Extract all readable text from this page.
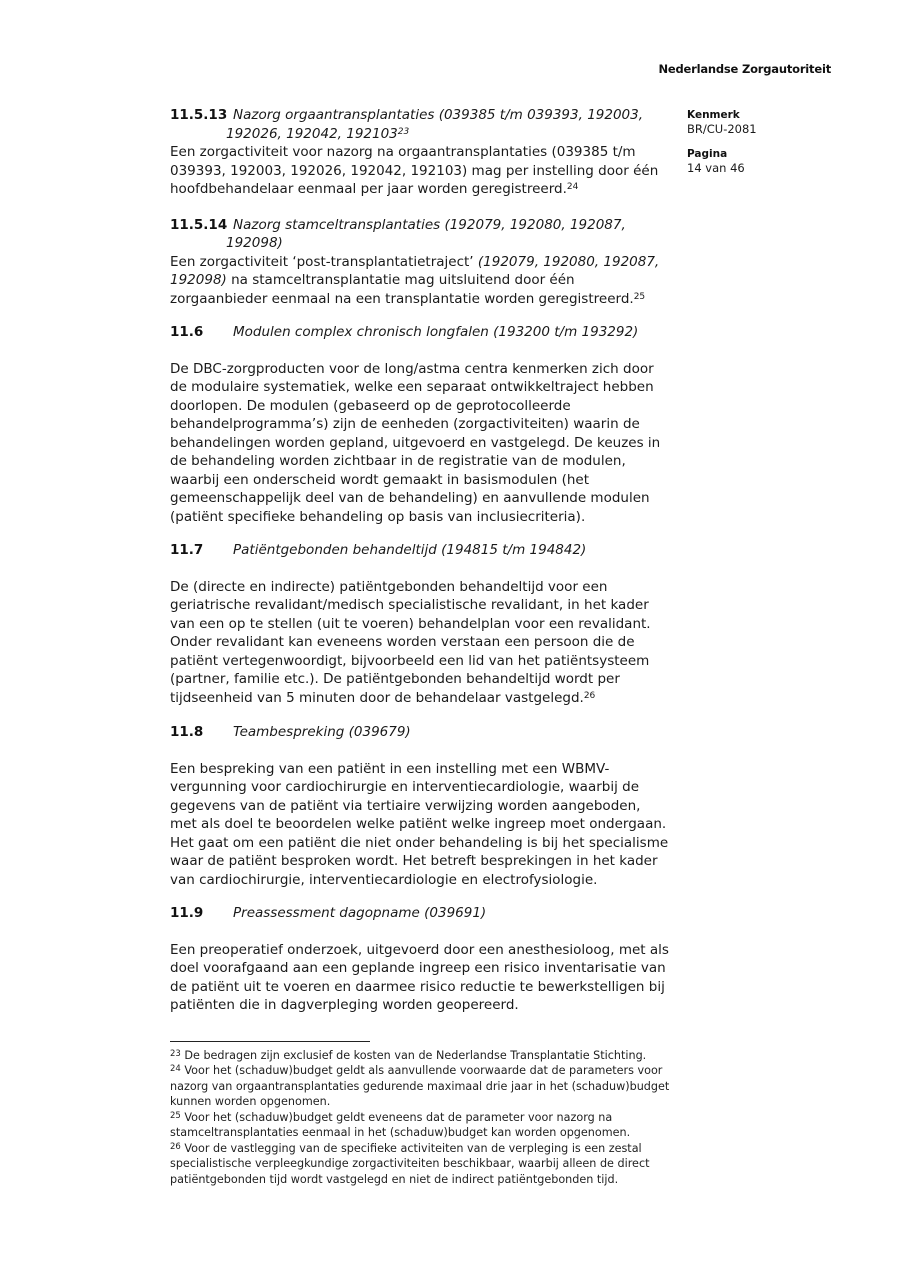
Nederlandse Zorgautoriteit
Kenmerk
BR/CU-2081
Pagina
14 van 46
11.5.13 Nazorg orgaantransplantaties (039385 t/m 039393, 192003,
192026, 192042, 192103$^{23}$

Een zorgactiviteit voor nazorg na orgaantransplantaties (039385 t/m 039393, 192003, 192026, 192042, 192103) mag per instelling door één hoofdbehandelaar eenmaal per jaar worden geregistreerd.$^{24}$

11.5.14 Nazorg stamceltransplantaties (192079, 192080, 192087,
192098)

Een zorgactiviteit ‘post-transplantatietraject’ (192079, 192080, 192087, 192098) na stamceltransplantatie mag uitsluitend door één zorgaanbieder eenmaal na een transplantatie worden geregistreerd.$^{25}$

11.6 Modulen complex chronisch longfalen (193200 t/m 193292)

De DBC-zorgproducten voor de long/astma centra kenmerken zich door de modulaire systematiek, welke een separaat ontwikkeltraject hebben doorlopen. De modulen (gebaseerd op de geprotocolleerde behandelprogramma’s) zijn de eenheden (zorgactiviteiten) waarin de behandelingen worden gepland, uitgevoerd en vastgelegd. De keuzes in de behandeling worden zichtbaar in de registratie van de modulen, waarbij een onderscheid wordt gemaakt in basismodulen (het gemeenschappelijk deel van de behandeling) en aanvullende modulen (patiënt specifieke behandeling op basis van inclusiecriteria).

11.7 Patiëntgebonden behandeltijd (194815 t/m 194842)

De (directe en indirecte) patiëntgebonden behandeltijd voor een geriatrische revalidant/medisch specialistische revalidant, in het kader van een op te stellen (uit te voeren) behandelplan voor een revalidant. Onder revalidant kan eveneens worden verstaan een persoon die de patiënt vertegenwoordigt, bijvoorbeeld een lid van het patiëntsysteem (partner, familie etc.). De patiëntgebonden behandeltijd wordt per tijdseenheid van 5 minuten door de behandelaar vastgelegd.$^{26}$

11.8 Teambespreking (039679)

Een bespreking van een patiënt in een instelling met een WBMV-vergunning voor cardiochirurgie en interventiecardiologie, waarbij de gegevens van de patiënt via tertiaire verwijzing worden aangeboden, met als doel te beoordelen welke patiënt welke ingreep moet ondergaan. Het gaat om een patiënt die niet onder behandeling is bij het specialisme waar de patiënt besproken wordt. Het betreft besprekingen in het kader van cardiochirurgie, interventiecardiologie en electrofysiologie.

11.9 Preassessment dagopname (039691)

Een preoperatief onderzoek, uitgevoerd door een anesthesioloog, met als doel voorafgaand aan een geplande ingreep een risico inventarisatie van de patiënt uit te voeren en daarmee risico reductie te bewerkstelligen bij patiënten die in dagverpleging worden geopereerd.

$^{23}$ De bedragen zijn exclusief de kosten van de Nederlandse Transplantatie Stichting.
$^{24}$ Voor het (schaduw)budget geldt als aanvullende voorwaarde dat de parameters voor nazorg van orgaantransplantaties gedurende maximaal drie jaar in het (schaduw)budget kunnen worden opgenomen.
$^{25}$ Voor het (schaduw)budget geldt eveneens dat de parameter voor nazorg na stamceltransplantaties eenmaal in het (schaduw)budget kan worden opgenomen.
$^{26}$ Voor de vastlegging van de specifieke activiteiten van de verpleging is een zestal specialistische verpleegkundige zorgactiviteiten beschikbaar, waarbij alleen de direct patiëntgebonden tijd wordt vastgelegd en niet de indirect patiëntgebonden tijd.
